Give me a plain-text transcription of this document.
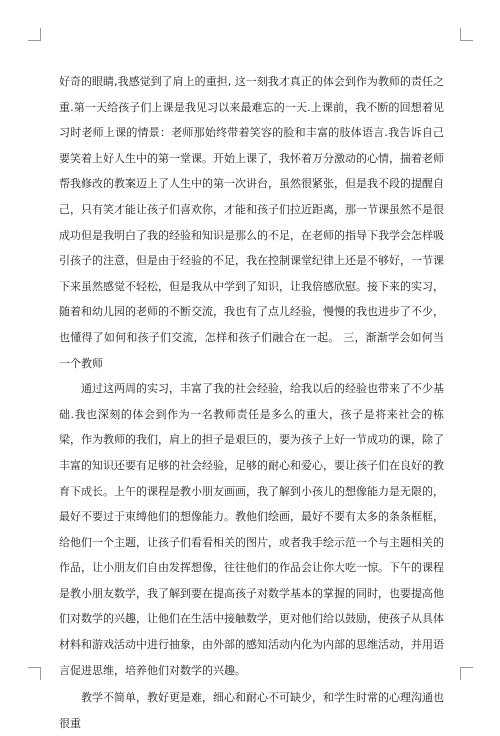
好奇的眼睛,我感觉到了肩上的重担, 这一刻我才真正的体会到作为教师的责任之重.第一天给孩子们上课是我见习以来最难忘的一天.上课前，我不断的回想着见习时老师上课的情景：老师那始终带着笑容的脸和丰富的肢体语言.我告诉自己要笑着上好人生中的第一堂课。开始上课了，我怀着万分激动的心情，揣着老师帮我修改的教案迈上了人生中的第一次讲台，虽然很紧张，但是我不段的提醒自己，只有笑才能让孩子们喜欢你，才能和孩子们拉近距离，那一节课虽然不是很成功但是我明白了我的经验和知识是那么的不足，在老师的指导下我学会怎样吸引孩子的注意，但是由于经验的不足，我在控制课堂纪律上还是不够好，一节课下来虽然感觉不轻松，但是我从中学到了知识，让我倍感欣慰。接下来的实习，随着和幼儿园的老师的不断交流，我也有了点儿经验，慢慢的我也进步了不少，也懂得了如何和孩子们交流，怎样和孩子们融合在一起。 三，渐渐学会如何当一个教师

通过这两周的实习，丰富了我的社会经验，给我以后的经验也带来了不少基础.我也深刻的体会到作为一名教师责任是多么的重大，孩子是将来社会的栋梁，作为教师的我们，肩上的担子是艰巨的，要为孩子上好一节成功的课，除了丰富的知识还要有足够的社会经验，足够的耐心和爱心，要让孩子们在良好的教育下成长。上午的课程是教小朋友画画，我了解到小孩儿的想像能力是无限的，最好不要过于束缚他们的想像能力。教他们绘画，最好不要有太多的条条框框，给他们一个主题，让孩子们看看相关的图片，或者我手绘示范一个与主题相关的作品，让小朋友们自由发挥想像，往往他们的作品会让你大吃一惊。下午的课程是教小朋友数学，我了解到要在提高孩子对数学基本的掌握的同时，也要提高他们对数学的兴趣，让他们在生活中接触数学，更对他们给以鼓励，使孩子从具体材料和游戏活动中进行抽象，由外部的感知活动内化为内部的思维活动，并用语言促进思维，培养他们对数学的兴趣。

教学不简单，教好更是难，细心和耐心不可缺少，和学生时常的心理沟通也很重
